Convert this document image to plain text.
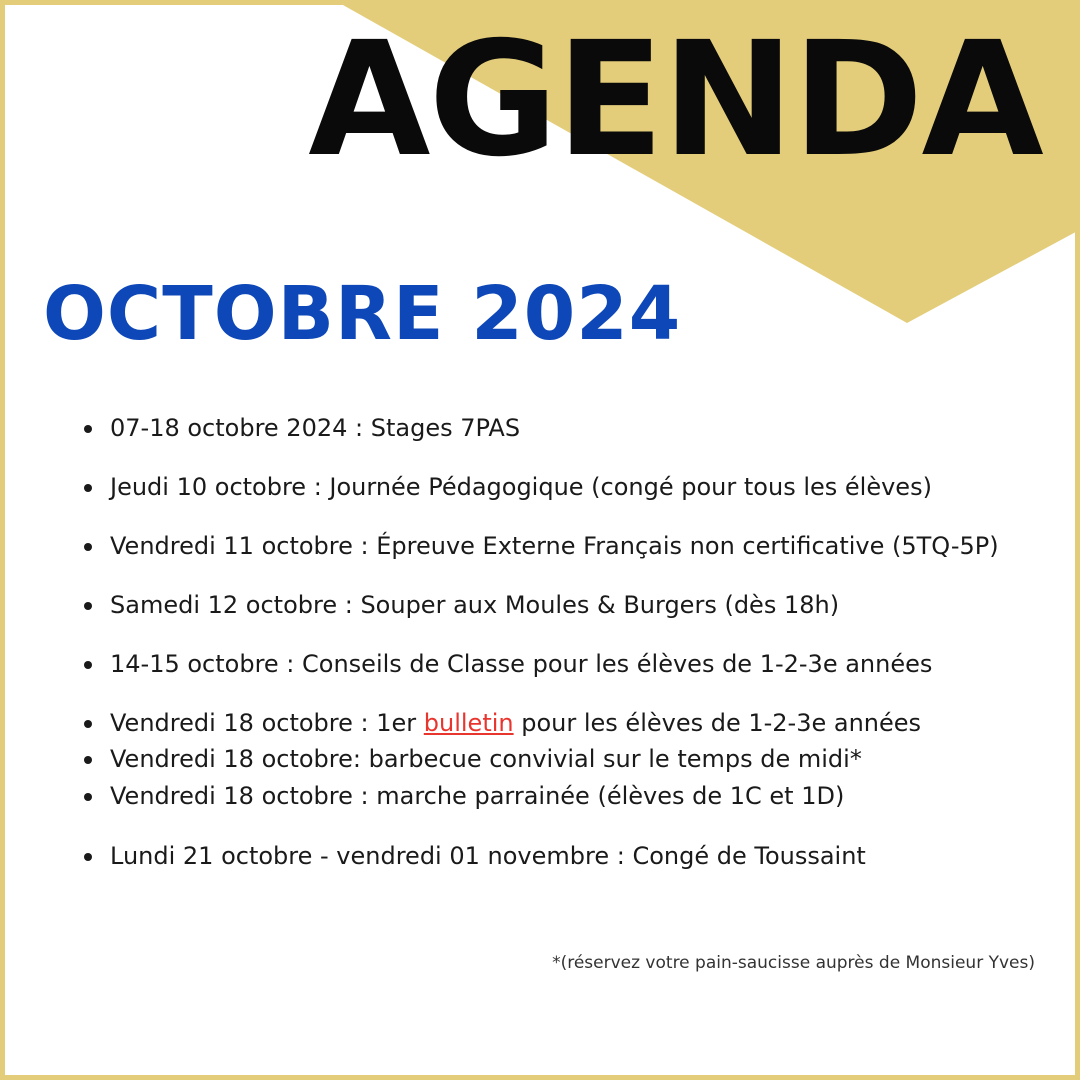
AGENDA
OCTOBRE 2024
07-18 octobre 2024 : Stages 7PAS
Jeudi 10 octobre : Journée Pédagogique (congé pour tous les élèves)
Vendredi 11 octobre : Épreuve Externe Français non certificative (5TQ-5P)
Samedi 12 octobre : Souper aux Moules & Burgers (dès 18h)
14-15 octobre : Conseils de Classe pour les élèves de 1-2-3e années
Vendredi 18 octobre : 1er bulletin pour les élèves de 1-2-3e années
Vendredi 18 octobre: barbecue convivial sur le temps de midi*
Vendredi 18 octobre : marche parrainée (élèves de 1C et 1D)
Lundi 21 octobre - vendredi 01 novembre : Congé de Toussaint

*(réservez votre pain-saucisse auprès de Monsieur Yves)
